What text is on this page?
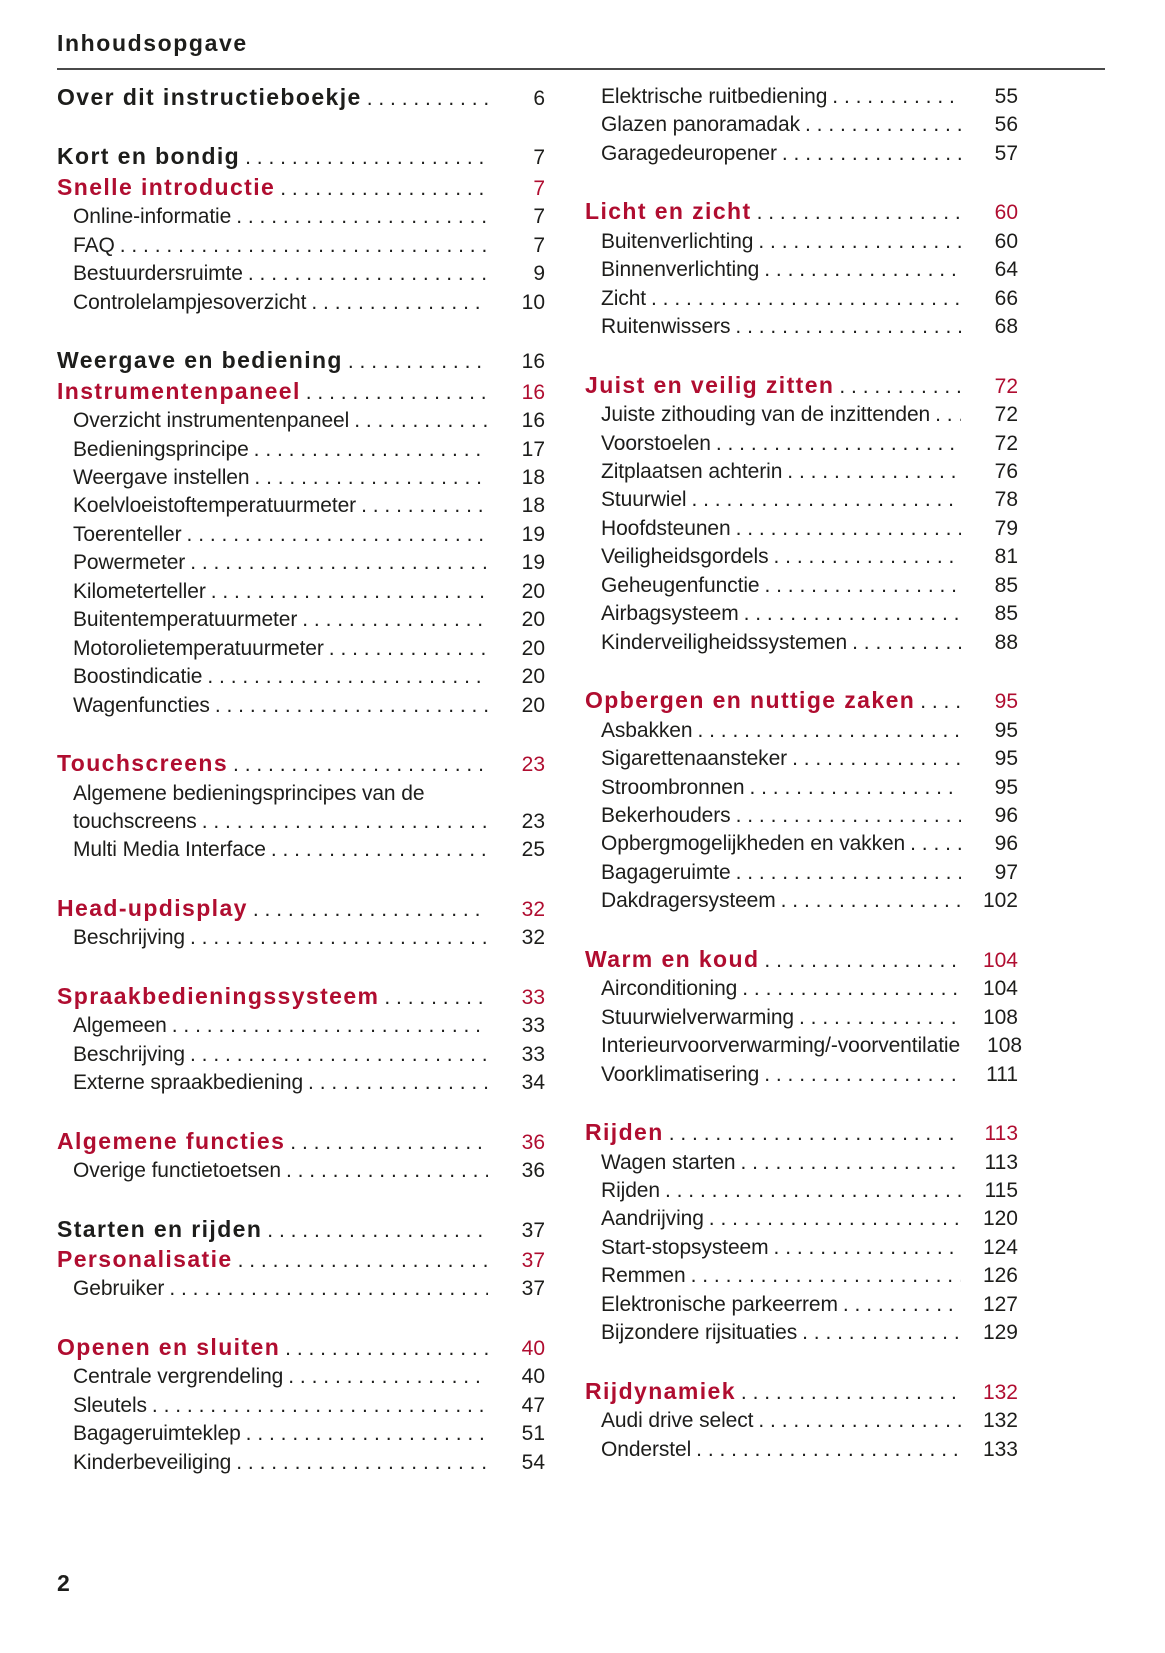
Inhoudsopgave
Over dit instructieboekje . . .	6
Kort en bondig . . .	7
Snelle introductie . . .	7
Online-informatie . . .	7
FAQ . . .	7
Bestuurdersruimte . . .	9
Controlelampjesoverzicht . . .	10
Weergave en bediening . . .	16
Instrumentenpaneel . . .	16
Overzicht instrumentenpaneel . . .	16
Bedieningsprincipe . . .	17
Weergave instellen . . .	18
Koelvloeistoftemperatuurmeter . . .	18
Toerenteller . . .	19
Powermeter . . .	19
Kilometerteller . . .	20
Buitentemperatuurmeter . . .	20
Motorolietemperatuurmeter . . .	20
Boostindicatie . . .	20
Wagenfuncties . . .	20
Touchscreens . . .	23
Algemene bedieningsprincipes van de
touchscreens . . .	23
Multi Media Interface . . .	25
Head-updisplay . . .	32
Beschrijving . . .	32
Spraakbedieningssysteem . . .	33
Algemeen . . .	33
Beschrijving . . .	33
Externe spraakbediening . . .	34
Algemene functies . . .	36
Overige functietoetsen . . .	36
Starten en rijden . . .	37
Personalisatie . . .	37
Gebruiker . . .	37
Openen en sluiten . . .	40
Centrale vergrendeling . . .	40
Sleutels . . .	47
Bagageruimteklep . . .	51
Kinderbeveiliging . . .	54
Elektrische ruitbediening . . .	55
Glazen panoramadak . . .	56
Garagedeuropener . . .	57
Licht en zicht . . .	60
Buitenverlichting . . .	60
Binnenverlichting . . .	64
Zicht . . .	66
Ruitenwissers . . .	68
Juist en veilig zitten . . .	72
Juiste zithouding van de inzittenden . . .	72
Voorstoelen . . .	72
Zitplaatsen achterin . . .	76
Stuurwiel . . .	78
Hoofdsteunen . . .	79
Veiligheidsgordels . . .	81
Geheugenfunctie . . .	85
Airbagsysteem . . .	85
Kinderveiligheidssystemen . . .	88
Opbergen en nuttige zaken . . .	95
Asbakken . . .	95
Sigarettenaansteker . . .	95
Stroombronnen . . .	95
Bekerhouders . . .	96
Opbergmogelijkheden en vakken . . .	96
Bagageruimte . . .	97
Dakdragersysteem . . .	102
Warm en koud . . .	104
Airconditioning . . .	104
Stuurwielverwarming . . .	108
Interieurvoorverwarming/-voorventilatie . . .	108
Voorklimatisering . . .	111
Rijden . . .	113
Wagen starten . . .	113
Rijden . . .	115
Aandrijving . . .	120
Start-stopsysteem . . .	124
Remmen . . .	126
Elektronische parkeerrem . . .	127
Bijzondere rijsituaties . . .	129
Rijdynamiek . . .	132
Audi drive select . . .	132
Onderstel . . .	133
2
